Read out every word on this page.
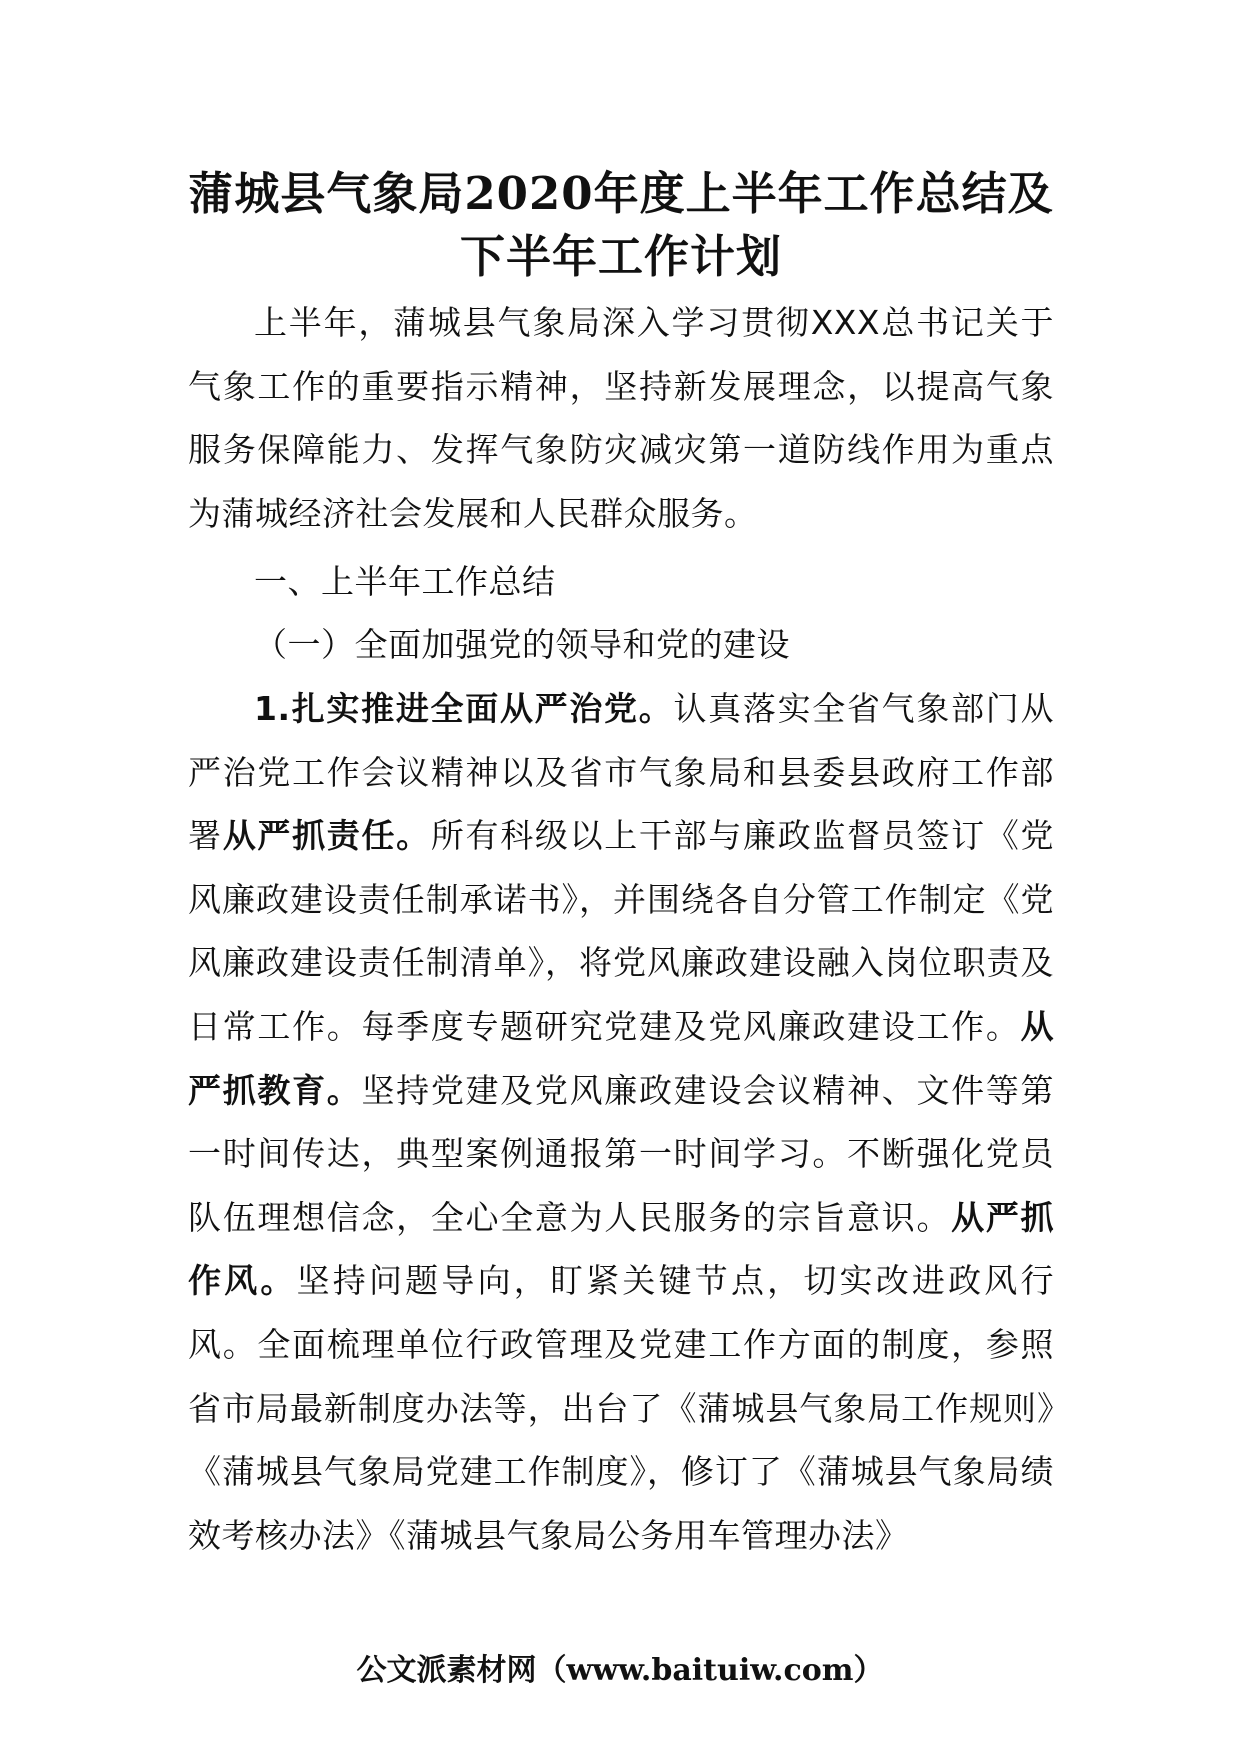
蒲城县气象局2020年度上半年工作总结及
下半年工作计划
上半年，蒲城县气象局深入学习贯彻XXX总书记关于气象工作的重要指示精神，坚持新发展理念，以提高气象服务保障能力、发挥气象防灾减灾第一道防线作用为重点为蒲城经济社会发展和人民群众服务。
一、上半年工作总结
（一）全面加强党的领导和党的建设
1.扎实推进全面从严治党。认真落实全省气象部门从严治党工作会议精神以及省市气象局和县委县政府工作部署从严抓责任。所有科级以上干部与廉政监督员签订《党风廉政建设责任制承诺书》，并围绕各自分管工作制定《党风廉政建设责任制清单》，将党风廉政建设融入岗位职责及日常工作。每季度专题研究党建及党风廉政建设工作。从严抓教育。坚持党建及党风廉政建设会议精神、文件等第一时间传达，典型案例通报第一时间学习。不断强化党员队伍理想信念，全心全意为人民服务的宗旨意识。从严抓作风。坚持问题导向，盯紧关键节点，切实改进政风行风。全面梳理单位行政管理及党建工作方面的制度，参照省市局最新制度办法等，出台了《蒲城县气象局工作规则》《蒲城县气象局党建工作制度》，修订了《蒲城县气象局绩效考核办法》《蒲城县气象局公务用车管理办法》
公文派素材网（www.baituiw.com）
